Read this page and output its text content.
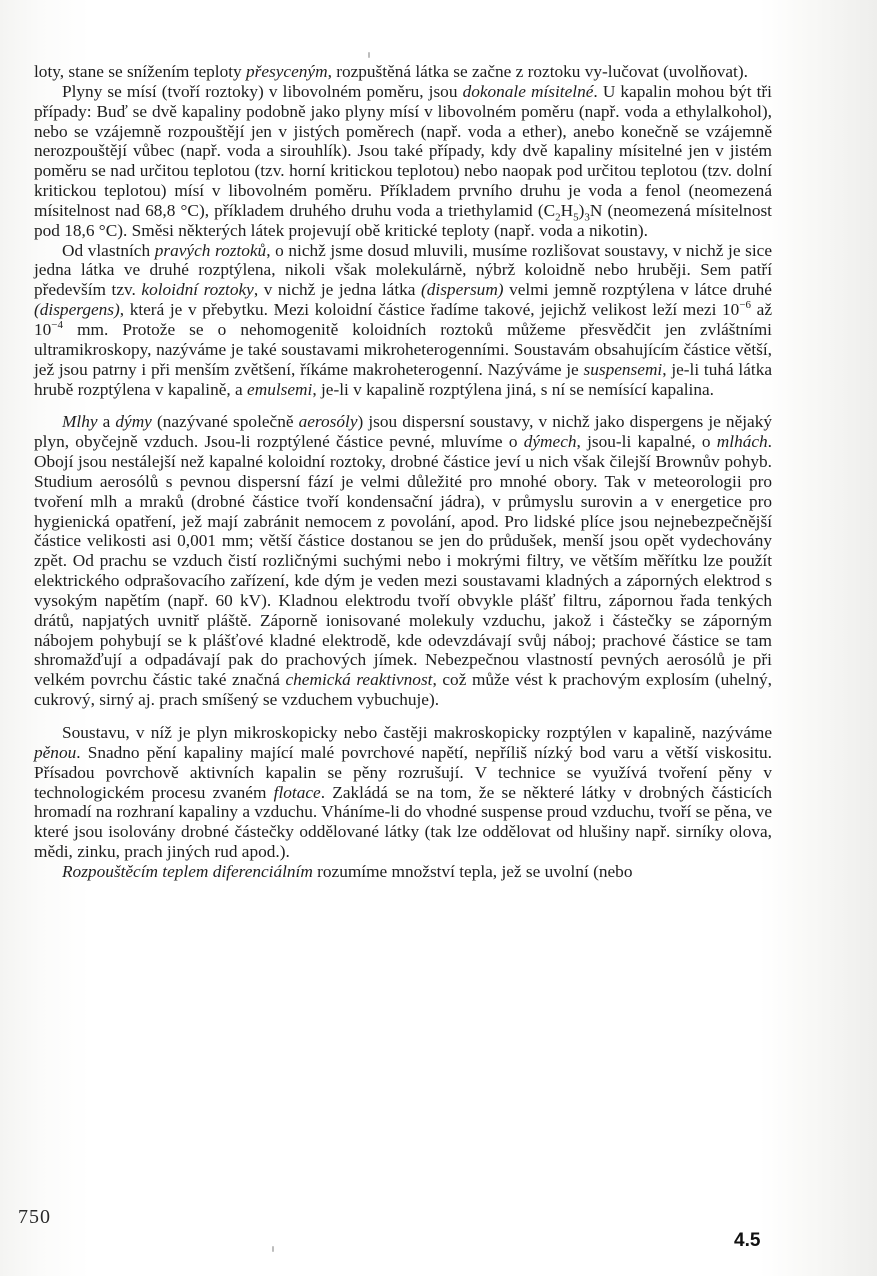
loty, stane se snížením teploty přesyceným, rozpuštěná látka se začne z roztoku vy-lučovat (uvolňovat).

Plyny se mísí (tvoří roztoky) v libovolném poměru, jsou dokonale mísitelné. U kapalin mohou být tři případy: Buď se dvě kapaliny podobně jako plyny mísí v libovolném poměru (např. voda a ethylalkohol), nebo se vzájemně rozpouštějí jen v jistých poměrech (např. voda a ether), anebo konečně se vzájemně nerozpouštějí vůbec (např. voda a sirouhlík). Jsou také případy, kdy dvě kapaliny mísitelné jen v jistém poměru se nad určitou teplotou (tzv. horní kritickou teplotou) nebo naopak pod určitou teplotou (tzv. dolní kritickou teplotou) mísí v libovolném poměru. Příkladem prvního druhu je voda a fenol (neomezená mísitelnost nad 68,8 °C), příkladem druhého druhu voda a triethylamid $(C_2H_5)_3N$ (neomezená mísitelnost pod 18,6 °C). Směsi některých látek projevují obě kritické teploty (např. voda a nikotin).

Od vlastních pravých roztoků, o nichž jsme dosud mluvili, musíme rozlišovat soustavy, v nichž je sice jedna látka ve druhé rozptýlena, nikoli však molekulárně, nýbrž koloidně nebo hruběji. Sem patří především tzv. koloidní roztoky, v nichž je jedna látka (dispersum) velmi jemně rozptýlena v látce druhé (dispergens), která je v přebytku. Mezi koloidní částice řadíme takové, jejichž velikost leží mezi $10^{-6}$ až $10^{-4}$ mm. Protože se o nehomogenitě koloidních roztoků můžeme přesvědčit jen zvláštními ultramikroskopy, nazýváme je také soustavami mikroheterogenními. Soustavám obsahujícím částice větší, jež jsou patrny i při menším zvětšení, říkáme makroheterogenní. Nazýváme je suspensemi, je-li tuhá látka hrubě rozptýlena v kapalině, a emulsemi, je-li v kapalině rozptýlena jiná, s ní se nemísící kapalina.

Mlhy a dýmy (nazývané společně aerosóly) jsou dispersní soustavy, v nichž jako dispergens je nějaký plyn, obyčejně vzduch. Jsou-li rozptýlené částice pevné, mluvíme o dýmech, jsou-li kapalné, o mlhách. Obojí jsou nestálejší než kapalné koloidní roztoky, drobné částice jeví u nich však čilejší Brownův pohyb. Studium aerosólů s pevnou dispersní fází je velmi důležité pro mnohé obory. Tak v meteorologii pro tvoření mlh a mraků (drobné částice tvoří kondensační jádra), v průmyslu surovin a v energetice pro hygienická opatření, jež mají zabránit nemocem z povolání, apod. Pro lidské plíce jsou nejnebezpečnější částice velikosti asi 0,001 mm; větší částice dostanou se jen do průdušek, menší jsou opět vydechovány zpět. Od prachu se vzduch čistí rozličnými suchými nebo i mokrými filtry, ve větším měřítku lze použít elektrického odprašovacího zařízení, kde dým je veden mezi soustavami kladných a záporných elektrod s vysokým napětím (např. 60 kV). Kladnou elektrodu tvoří obvykle plášť filtru, zápornou řada tenkých drátů, napjatých uvnitř pláště. Záporně ionisované molekuly vzduchu, jakož i částečky se záporným nábojem pohybují se k plášťové kladné elektrodě, kde odevzdávají svůj náboj; prachové částice se tam shromažďují a odpadávají pak do prachových jímek. Nebezpečnou vlastností pevných aerosólů je při velkém povrchu částic také značná chemická reaktivnost, což může vést k prachovým explosím (uhelný, cukrový, sirný aj. prach smíšený se vzduchem vybuchuje).

Soustavu, v níž je plyn mikroskopicky nebo častěji makroskopicky rozptýlen v kapalině, nazýváme pěnou. Snadno pění kapaliny mající malé povrchové napětí, nepříliš nízký bod varu a větší viskositu. Přísadou povrchově aktivních kapalin se pěny rozrušují. V technice se využívá tvoření pěny v technologickém procesu zvaném flotace. Zakládá se na tom, že se některé látky v drobných částicích hromadí na rozhraní kapaliny a vzduchu. Vháníme-li do vhodné suspense proud vzduchu, tvoří se pěna, ve které jsou isolovány drobné částečky oddělované látky (tak lze oddělovat od hlušiny např. sirníky olova, mědi, zinku, prach jiných rud apod.).

Rozpouštěcím teplem diferenciálním rozumíme množství tepla, jež se uvolní (nebo

750
4.5
